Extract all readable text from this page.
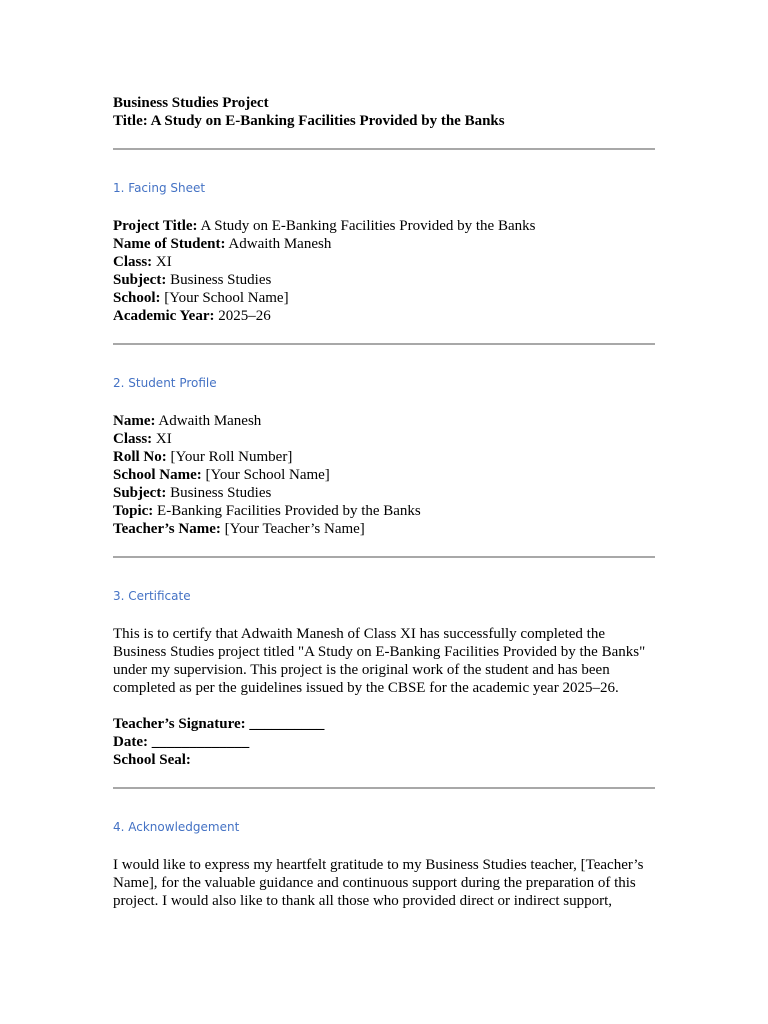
Business Studies Project
Title: A Study on E-Banking Facilities Provided by the Banks
1. Facing Sheet
Project Title: A Study on E-Banking Facilities Provided by the Banks
Name of Student: Adwaith Manesh
Class: XI
Subject: Business Studies
School: [Your School Name]
Academic Year: 2025–26
2. Student Profile
Name: Adwaith Manesh
Class: XI
Roll No: [Your Roll Number]
School Name: [Your School Name]
Subject: Business Studies
Topic: E-Banking Facilities Provided by the Banks
Teacher’s Name: [Your Teacher’s Name]
3. Certificate
This is to certify that Adwaith Manesh of Class XI has successfully completed the
Business Studies project titled "A Study on E-Banking Facilities Provided by the Banks"
under my supervision. This project is the original work of the student and has been
completed as per the guidelines issued by the CBSE for the academic year 2025–26.
Teacher’s Signature: __________
Date: _____________
School Seal:
4. Acknowledgement
I would like to express my heartfelt gratitude to my Business Studies teacher, [Teacher’s
Name], for the valuable guidance and continuous support during the preparation of this
project. I would also like to thank all those who provided direct or indirect support,
